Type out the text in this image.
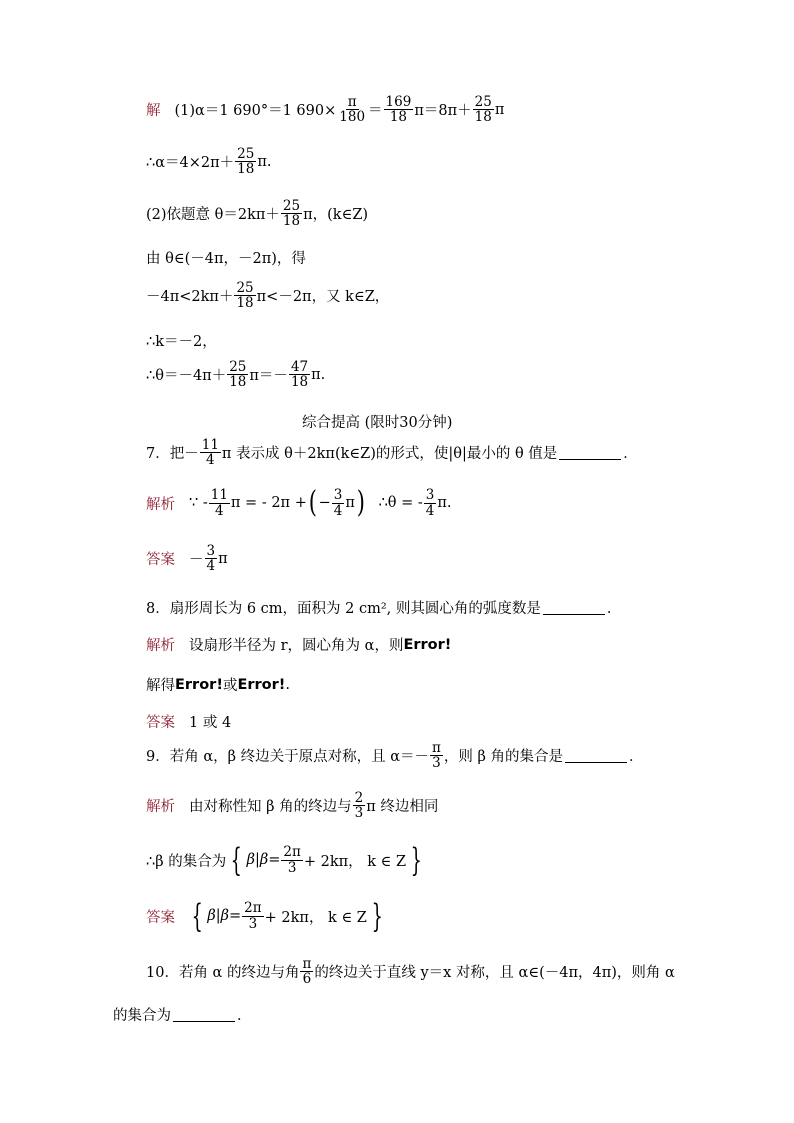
解 (1)α＝1 690°＝1 $690\times \frac{\pi}{180} = \frac{169}{18} \pi=8\pi+ \frac{25}{18}$ π
∴α＝4×2π＋ $\frac{25}{18} \pi$.
(2)依题意 $\theta=2k\pi+ \frac{25}{18}$ π，(k∈Z)
由 θ∈(－4π，－2π)，得
$-4\pi<2k\pi+ \frac{25}{18} \pi<-2\pi$，又 k∈Z，
∴k＝－2，
∴θ＝－4π＋ $\frac{25}{18} \pi=- \frac{47}{18} \pi$.
综合提高 (限时30分钟)
7．把－ $\frac{11}{4}$ π 表示成 θ＋2kπ(k∈Z)的形式，使|θ|最小的 θ 值是	．
解析 ∵ - $\frac{11}{4}$ π = - 2π + ( − $\frac{3}{4}$ π ) ∴θ = - $\frac{3}{4} \pi$.
答案 － $\frac{3}{4}$ π
8．扇形周长为 6 cm，面积为 2 cm², 则其圆心角的弧度数是	．
解析 设扇形半径为 r，圆心角为 α，则 Error!
解得 Error! 或 Error! .
答案 1 或 4
9．若角 α，β 终边关于原点对称，且 $\alpha=- \frac{\pi}{3}$ ，则 β 角的集合是	．
解析 由对称性知 β 角的终边与 $\frac{2}{3}$ π 终边相同
∴β 的集合为 { $\beta|\beta= \frac{2\pi}{3} + 2k\pi$， k ∈ Z }
答案 { $\beta|\beta= \frac{2\pi}{3} + 2k\pi$， k ∈ Z }
10．若角 α 的终边与角 $\frac{\pi}{6}$ 的终边关于直线 y＝x 对称，且 α∈(－4π，4π)，则角 α
的集合为	．
